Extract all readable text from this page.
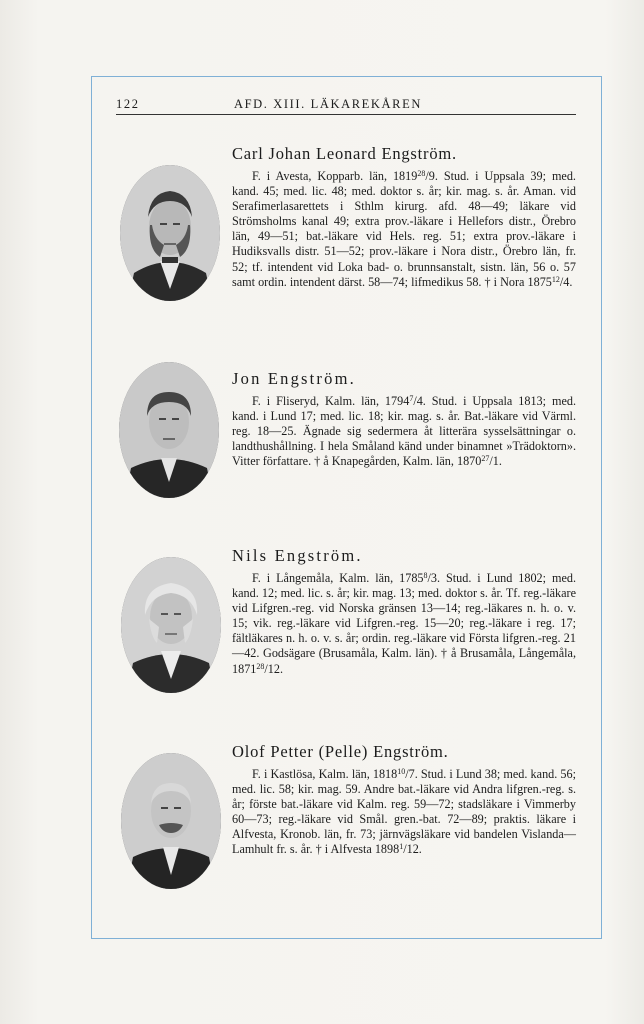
122	AFD. XIII. LÄKAREKÅREN

Carl Johan Leonard Engström.

F. i Avesta, Kopparb. län, 1819$^{28}$/9. Stud. i Uppsala 39; med. kand. 45; med. lic. 48; med. doktor s. år; kir. mag. s. år. Aman. vid Serafimerlasarettets i Sthlm kirurg. afd. 48—49; läkare vid Strömsholms kanal 49; extra prov.-läkare i Hellefors distr., Örebro län, 49—51; bat.-läkare vid Hels. reg. 51; extra prov.-läkare i Hudiksvalls distr. 51—52; prov.-läkare i Nora distr., Örebro län, fr. 52; tf. intendent vid Loka bad- o. brunnsanstalt, sistn. län, 56 o. 57 samt ordin. intendent därst. 58—74; lifmedikus 58. † i Nora 1875$^{12}$/4.

Jon Engström.

F. i Fliseryd, Kalm. län, 1794$^7$/4. Stud. i Uppsala 1813; med. kand. i Lund 17; med. lic. 18; kir. mag. s. år. Bat.-läkare vid Värml. reg. 18—25. Ägnade sig sedermera åt litterära sysselsättningar o. landthushållning. I hela Småland känd under binamnet »Trädoktorn». Vitter författare. † å Knapegården, Kalm. län, 1870$^{27}$/1.

Nils Engström.

F. i Långemåla, Kalm. län, 1785$^8$/3. Stud. i Lund 1802; med. kand. 12; med. lic. s. år; kir. mag. 13; med. doktor s. år. Tf. reg.-läkare vid Lifgren.-reg. vid Norska gränsen 13—14; reg.-läkares n. h. o. v. 15; vik. reg.-läkare vid Lifgren.-reg. 15—20; reg.-läkare i reg. 17; fältläkares n. h. o. v. s. år; ordin. reg.-läkare vid Första lifgren.-reg. 21—42. Godsägare (Brusamåla, Kalm. län). † å Brusamåla, Långemåla, 1871$^{28}$/12.

Olof Petter (Pelle) Engström.

F. i Kastlösa, Kalm. län, 1818$^{10}$/7. Stud. i Lund 38; med. kand. 56; med. lic. 58; kir. mag. 59. Andre bat.-läkare vid Andra lifgren.-reg. s. år; förste bat.-läkare vid Kalm. reg. 59—72; stadsläkare i Vimmerby 60—73; reg.-läkare vid Smål. gren.-bat. 72—89; praktis. läkare i Alfvesta, Kronob. län, fr. 73; järnvägsläkare vid bandelen Vislanda—Lamhult fr. s. år. † i Alfvesta 1898$^1$/12.
